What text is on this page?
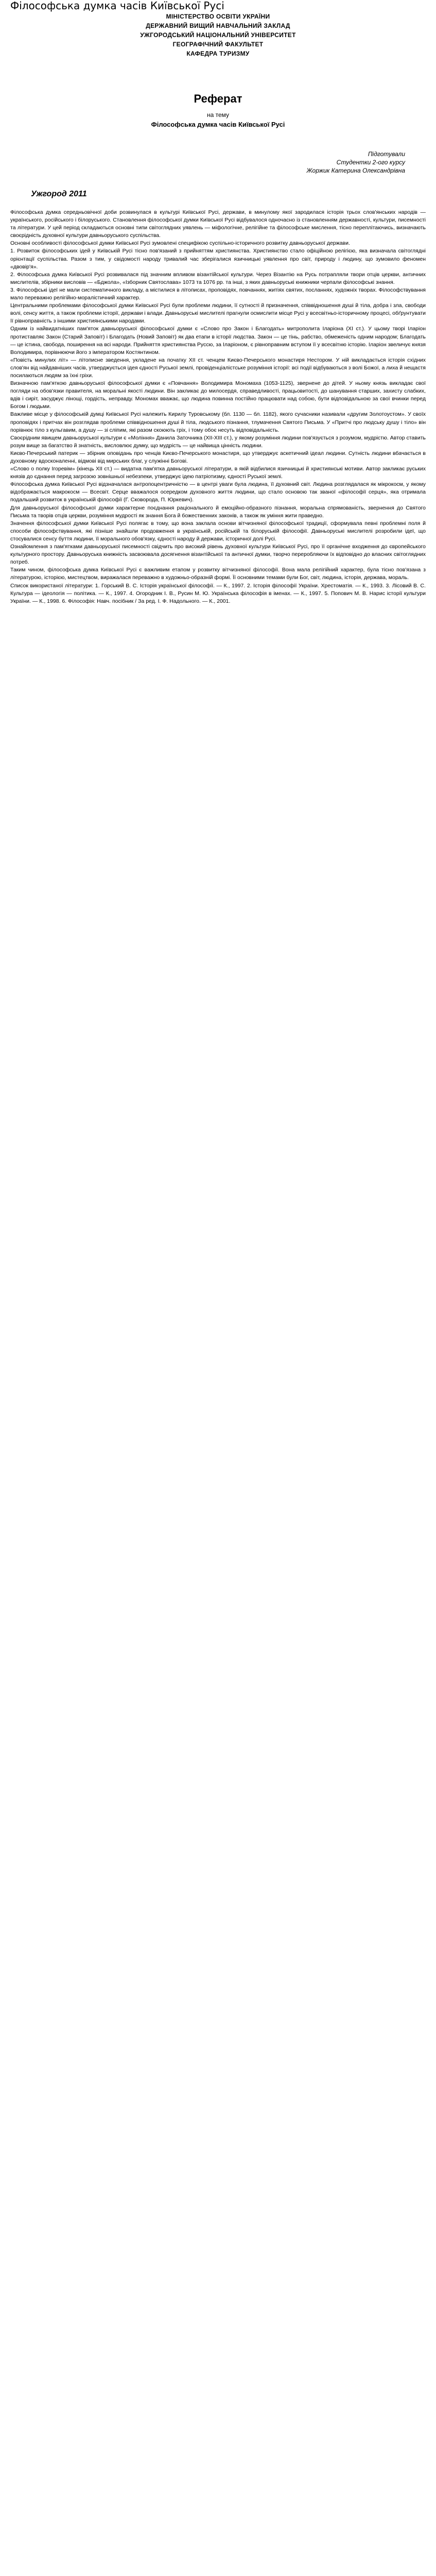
Філософська думка часів Київської Русі
МІНІСТЕРСТВО ОСВІТИ УКРАЇНИ
ДЕРЖАВНИЙ ВИЩИЙ НАВЧАЛЬНИЙ ЗАКЛАД
УЖГОРОДСЬКИЙ НАЦІОНАЛЬНИЙ УНІВЕРСИТЕТ
ГЕОГРАФІЧНИЙ ФАКУЛЬТЕТ
КАФЕДРА ТУРИЗМУ
Реферат
на тему
Філософська думка часів Київської Русі
Підготували
Студентки 2-ого курсу
Жоржик Катерина Олександрівна
Ужгород 2011

Філософська думка середньовічної доби розвинулася в культурі Київської Русі, держави, в минулому якої зародилася історія трьох слов'янських народів — українського, російського і білоруського. Становлення філософської думки Київської Русі відбувалося одночасно із становленням державності, культури, писемності та літератури. У цей період складаються основні типи світоглядних уявлень — міфологічне, релігійне та філософське мислення, тісно переплітаючись, визначають своєрідність духовної культури давньоруського суспільства.

Основні особливості філософської думки Київської Русі зумовлені специфікою суспільно-історичного розвитку давньоруської держави.

1. Розвиток філософських ідей у Київській Русі тісно пов'язаний з прийняттям християнства. Християнство стало офіційною релігією, яка визначала світоглядні орієнтації суспільства. Разом з тим, у свідомості народу тривалий час зберігалися язичницькі уявлення про світ, природу і людину, що зумовило феномен «двовір'я».

2. Філософська думка Київської Русі розвивалася під значним впливом візантійської культури. Через Візантію на Русь потрапляли твори отців церкви, античних мислителів, збірники висловів — «Бджола», «Ізборник Святослава» 1073 та 1076 рр. та інші, з яких давньоруські книжники черпали філософські знання.

3. Філософські ідеї не мали систематичного викладу, а містилися в літописах, проповідях, повчаннях, житіях святих, посланнях, художніх творах. Філософствування мало переважно релігійно-моралістичний характер.

Центральними проблемами філософської думки Київської Русі були проблеми людини, її сутності й призначення, співвідношення душі й тіла, добра і зла, свободи волі, сенсу життя, а також проблеми історії, держави і влади. Давньоруські мислителі прагнули осмислити місце Русі у всесвітньо-історичному процесі, обґрунтувати її рівноправність з іншими християнськими народами.

Одним із найвидатніших пам'яток давньоруської філософської думки є «Слово про Закон і Благодать» митрополита Іларіона (XI ст.). У цьому творі Іларіон протиставляє Закон (Старий Заповіт) і Благодать (Новий Заповіт) як два етапи в історії людства. Закон — це тінь, рабство, обмеженість одним народом; Благодать — це істина, свобода, поширення на всі народи. Прийняття християнства Руссю, за Іларіоном, є рівноправним вступом її у всесвітню історію. Іларіон звеличує князя Володимира, порівнюючи його з імператором Костянтином.

«Повість минулих літ» — літописне зведення, укладене на початку XII ст. ченцем Києво-Печерського монастиря Нестором. У ній викладається історія східних слов'ян від найдавніших часів, утверджується ідея єдності Руської землі, провіденціалістське розуміння історії: всі події відбуваються з волі Божої, а лиха й нещастя посилаються людям за їхні гріхи.

Визначною пам'яткою давньоруської філософської думки є «Повчання» Володимира Мономаха (1053-1125), звернене до дітей. У ньому князь викладає свої погляди на обов'язки правителя, на моральні якості людини. Він закликає до милосердя, справедливості, працьовитості, до шанування старших, захисту слабких, вдів і сиріт, засуджує лінощі, гордість, неправду. Мономах вважає, що людина повинна постійно працювати над собою, бути відповідальною за свої вчинки перед Богом і людьми.

Важливе місце у філософській думці Київської Русі належить Кирилу Туровському (бл. 1130 — бл. 1182), якого сучасники називали «другим Золотоустом». У своїх проповідях і притчах він розглядав проблеми співвідношення душі й тіла, людського пізнання, тлумачення Святого Письма. У «Притчі про людську душу і тіло» він порівнює тіло з кульгавим, а душу — зі сліпим, які разом скоюють гріх, і тому обоє несуть відповідальність.

Своєрідним явищем давньоруської культури є «Моління» Данила Заточника (XII-XIII ст.), у якому розуміння людини пов'язується з розумом, мудрістю. Автор ставить розум вище за багатство й знатність, висловлює думку, що мудрість — це найвища цінність людини.

Києво-Печерський патерик — збірник оповідань про ченців Києво-Печерського монастиря, що утверджує аскетичний ідеал людини. Сутність людини вбачається в духовному вдосконаленні, відмові від мирських благ, у служінні Богові.

«Слово о полку Ігоревім» (кінець XII ст.) — видатна пам'ятка давньоруської літератури, в якій відбилися язичницькі й християнські мотиви. Автор закликає руських князів до єднання перед загрозою зовнішньої небезпеки, утверджує ідею патріотизму, єдності Руської землі.

Філософська думка Київської Русі відзначалася антропоцентричністю — в центрі уваги була людина, її духовний світ. Людина розглядалася як мікрокосм, у якому відображається макрокосм — Всесвіт. Серце вважалося осередком духовного життя людини, що стало основою так званої «філософії серця», яка отримала подальший розвиток в українській філософії (Г. Сковорода, П. Юркевич).

Для давньоруської філософської думки характерне поєднання раціонального й емоційно-образного пізнання, моральна спрямованість, звернення до Святого Письма та творів отців церкви, розуміння мудрості як знання Бога й божественних законів, а також як уміння жити праведно.

Значення філософської думки Київської Русі полягає в тому, що вона заклала основи вітчизняної філософської традиції, сформувала певні проблемні поля й способи філософствування, які пізніше знайшли продовження в українській, російській та білоруській філософії. Давньоруські мислителі розробили ідеї, що стосувалися сенсу буття людини, її морального обов'язку, єдності народу й держави, історичної долі Русі.

Ознайомлення з пам'ятками давньоруської писемності свідчить про високий рівень духовної культури Київської Русі, про її органічне входження до європейського культурного простору. Давньоруська книжність засвоювала досягнення візантійської та античної думки, творчо переробляючи їх відповідно до власних світоглядних потреб.

Таким чином, філософська думка Київської Русі є важливим етапом у розвитку вітчизняної філософії. Вона мала релігійний характер, була тісно пов'язана з літературою, історією, мистецтвом, виражалася переважно в художньо-образній формі. Її основними темами були Бог, світ, людина, історія, держава, мораль.

Список використаної літератури: 1. Горський В. С. Історія української філософії. — К., 1997. 2. Історія філософії України. Хрестоматія. — К., 1993. 3. Лісовий В. С. Культура — ідеологія — політика. — К., 1997. 4. Огородник І. В., Русин М. Ю. Українська філософія в іменах. — К., 1997. 5. Попович М. В. Нарис історії культури України. — К., 1998. 6. Філософія: Навч. посібник / За ред. І. Ф. Надольного. — К., 2001.
